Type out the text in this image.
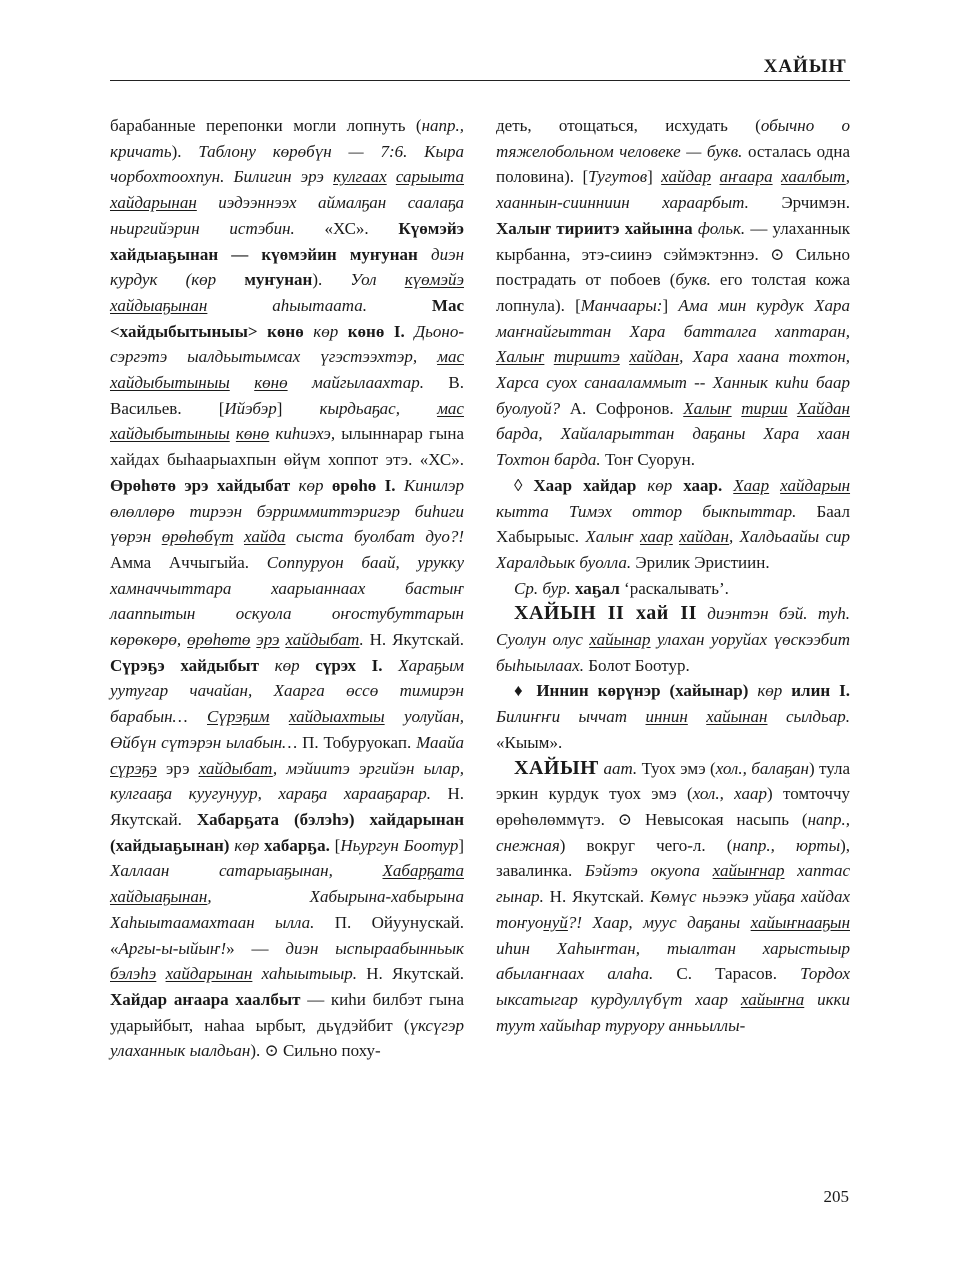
ХАЙЫҤ

барабанные перепонки могли лопнуть (напр., кричать). Таблону көрөбүн — 7:6. Кыра чорбохтоохпун. Билигин эрэ кулгаах сарыыта хайдарынан иэдээннээх аймалҕан саалаҕа ньиргийэрин истэбин. «ХС». Күөмэйэ хайдыаҕынан — күөмэйин муҥунан диэн курдук (көр муҥунан). Уол күөмэйэ хайдыаҕынан аһыытаата.	Мас <хайдыбытыныы> көнө көр көнө I. Дьоно-сэргэтэ ыалдьытымсах үгэстээхтэр, мас хайдыбытыныы көнө майгылаахтар. В. Васильев. [Ийэбэр] кырдьаҕас, мас хайдыбытыныы көнө киһиэхэ, ылыннарар гына хайдах быһаарыахпын өйүм хоппот этэ. «ХС». Өрөһөтө эрэ хайдыбат көр өрөһө I. Кинилэр өлөллөрө тирээн бэрриммиттэригэр биһиги үөрэн өрөһөбүт хайда сыста буолбат дуо?! Амма Аччыгыйа. Соппуруон баай, урукку хамначчыттара хаарыаннаах бастыҥ лааппытын оскуола оҥостубуттарын көрөкөрө, өрөһөтө эрэ хайдыбат. Н. Якутскай. Сүрэҕэ хайдыбыт көр сүрэх I. Хараҕым уутугар чачайан, Хаарга өссө тимирэн барабын… Сүрэҕим хайдыахтыы уолуйан, Өйбүн сүтэрэн ылабын… П. Тобуруокап. Маайа сүрэҕэ эрэ хайдыбат, мэйиитэ эргийэн ылар, кулгааҕа куугунуур, хараҕа харааҕарар. Н. Якутскай. Хабарҕата (бэлэһэ) хайдарынан (хайдыаҕынан) көр хабарҕа. [Ньургун Боотур] Халлаан сатарыаҕынан, Хабарҕата хайдыаҕынан, Хабырына-хабырына Хаһыытаамахтаан ылла. П. Ойуунускай. «Аргы-ы-ыйыҥ!» — диэн ыспыраабынньык бэлэһэ хайдарынан хаһыытыыр. Н. Якутскай. Хайдар аҥаара хаалбыт — киһи билбэт гына ударыйбыт, наһаа ырбыт, дьүдэйбит (үксүгэр улаханнык ыалдьан). ⊙ Сильно поху-

деть, отощаться, исхудать (обычно о тяжелобольном человеке — букв. осталась одна половина). [Тугутов] хайдар аҥаара хаалбыт, хааннын-сиинниин хараарбыт. Эрчимэн. Халыҥ тириитэ хайынна фольк. — улаханнык кырбанна, этэ-сиинэ сэймэктэннэ. ⊙ Сильно пострадать от побоев (букв. его толстая кожа лопнула). [Манчаары:] Ама мин курдук Хара маҥнайгыттан Хара батталга хаптаран, Халыҥ тириитэ хайдан, Хара хаана тохтон, Харса суох санааламмыт -- Ханнык киһи баар буолуой? А. Софронов. Халыҥ тирии Хайдан барда, Хайаларыттан даҕаны Хара хаан Тохтон барда. Тоҥ Суорун.

◊ Хаар хайдар көр хаар. Хаар хайдарын кытта Тимэх оттор быкпыттар. Баал Хабырыыс. Халыҥ хаар хайдан, Халдьаайы сир Харалдьык буолла. Эрилик Эристиин.

Ср. бур. хаҕал ‘раскалывать’.

ХАЙЫН II хай II диэнтэн бэй. туһ. Суолун олус хайынар улахан уоруйах үөскээбит быһыылаах. Болот Боотур.

♦ Иннин көрүнэр (хайынар) көр илин I. Билиҥҥи ыччат иннин хайынан сылдьар. «Кыым».

ХАЙЫҤ аат. Туох эмэ (хол., балаҕан) тула эркин курдук туох эмэ (хол., хаар) томточчу өрөһөлөммүтэ. ⊙ Невысокая насыпь (напр., снежная) вокруг чего-л. (напр., юрты), завалинка. Бэйэтэ окуопа хайыҥнар хаптас гынар. Н. Якутскай. Көмүс ньээкэ уйаҕа хайдах тоҥуонуй?! Хаар, муус даҕаны хайыҥнааҕын иһин Хаһыҥтан, тыалтан харыстыыр абылаҥнаах алаһа. С. Тарасов. Тордох ыксатыгар курдуллүбүт хаар хайыҥна икки туут хайыһар туруору анньыллы-

205
